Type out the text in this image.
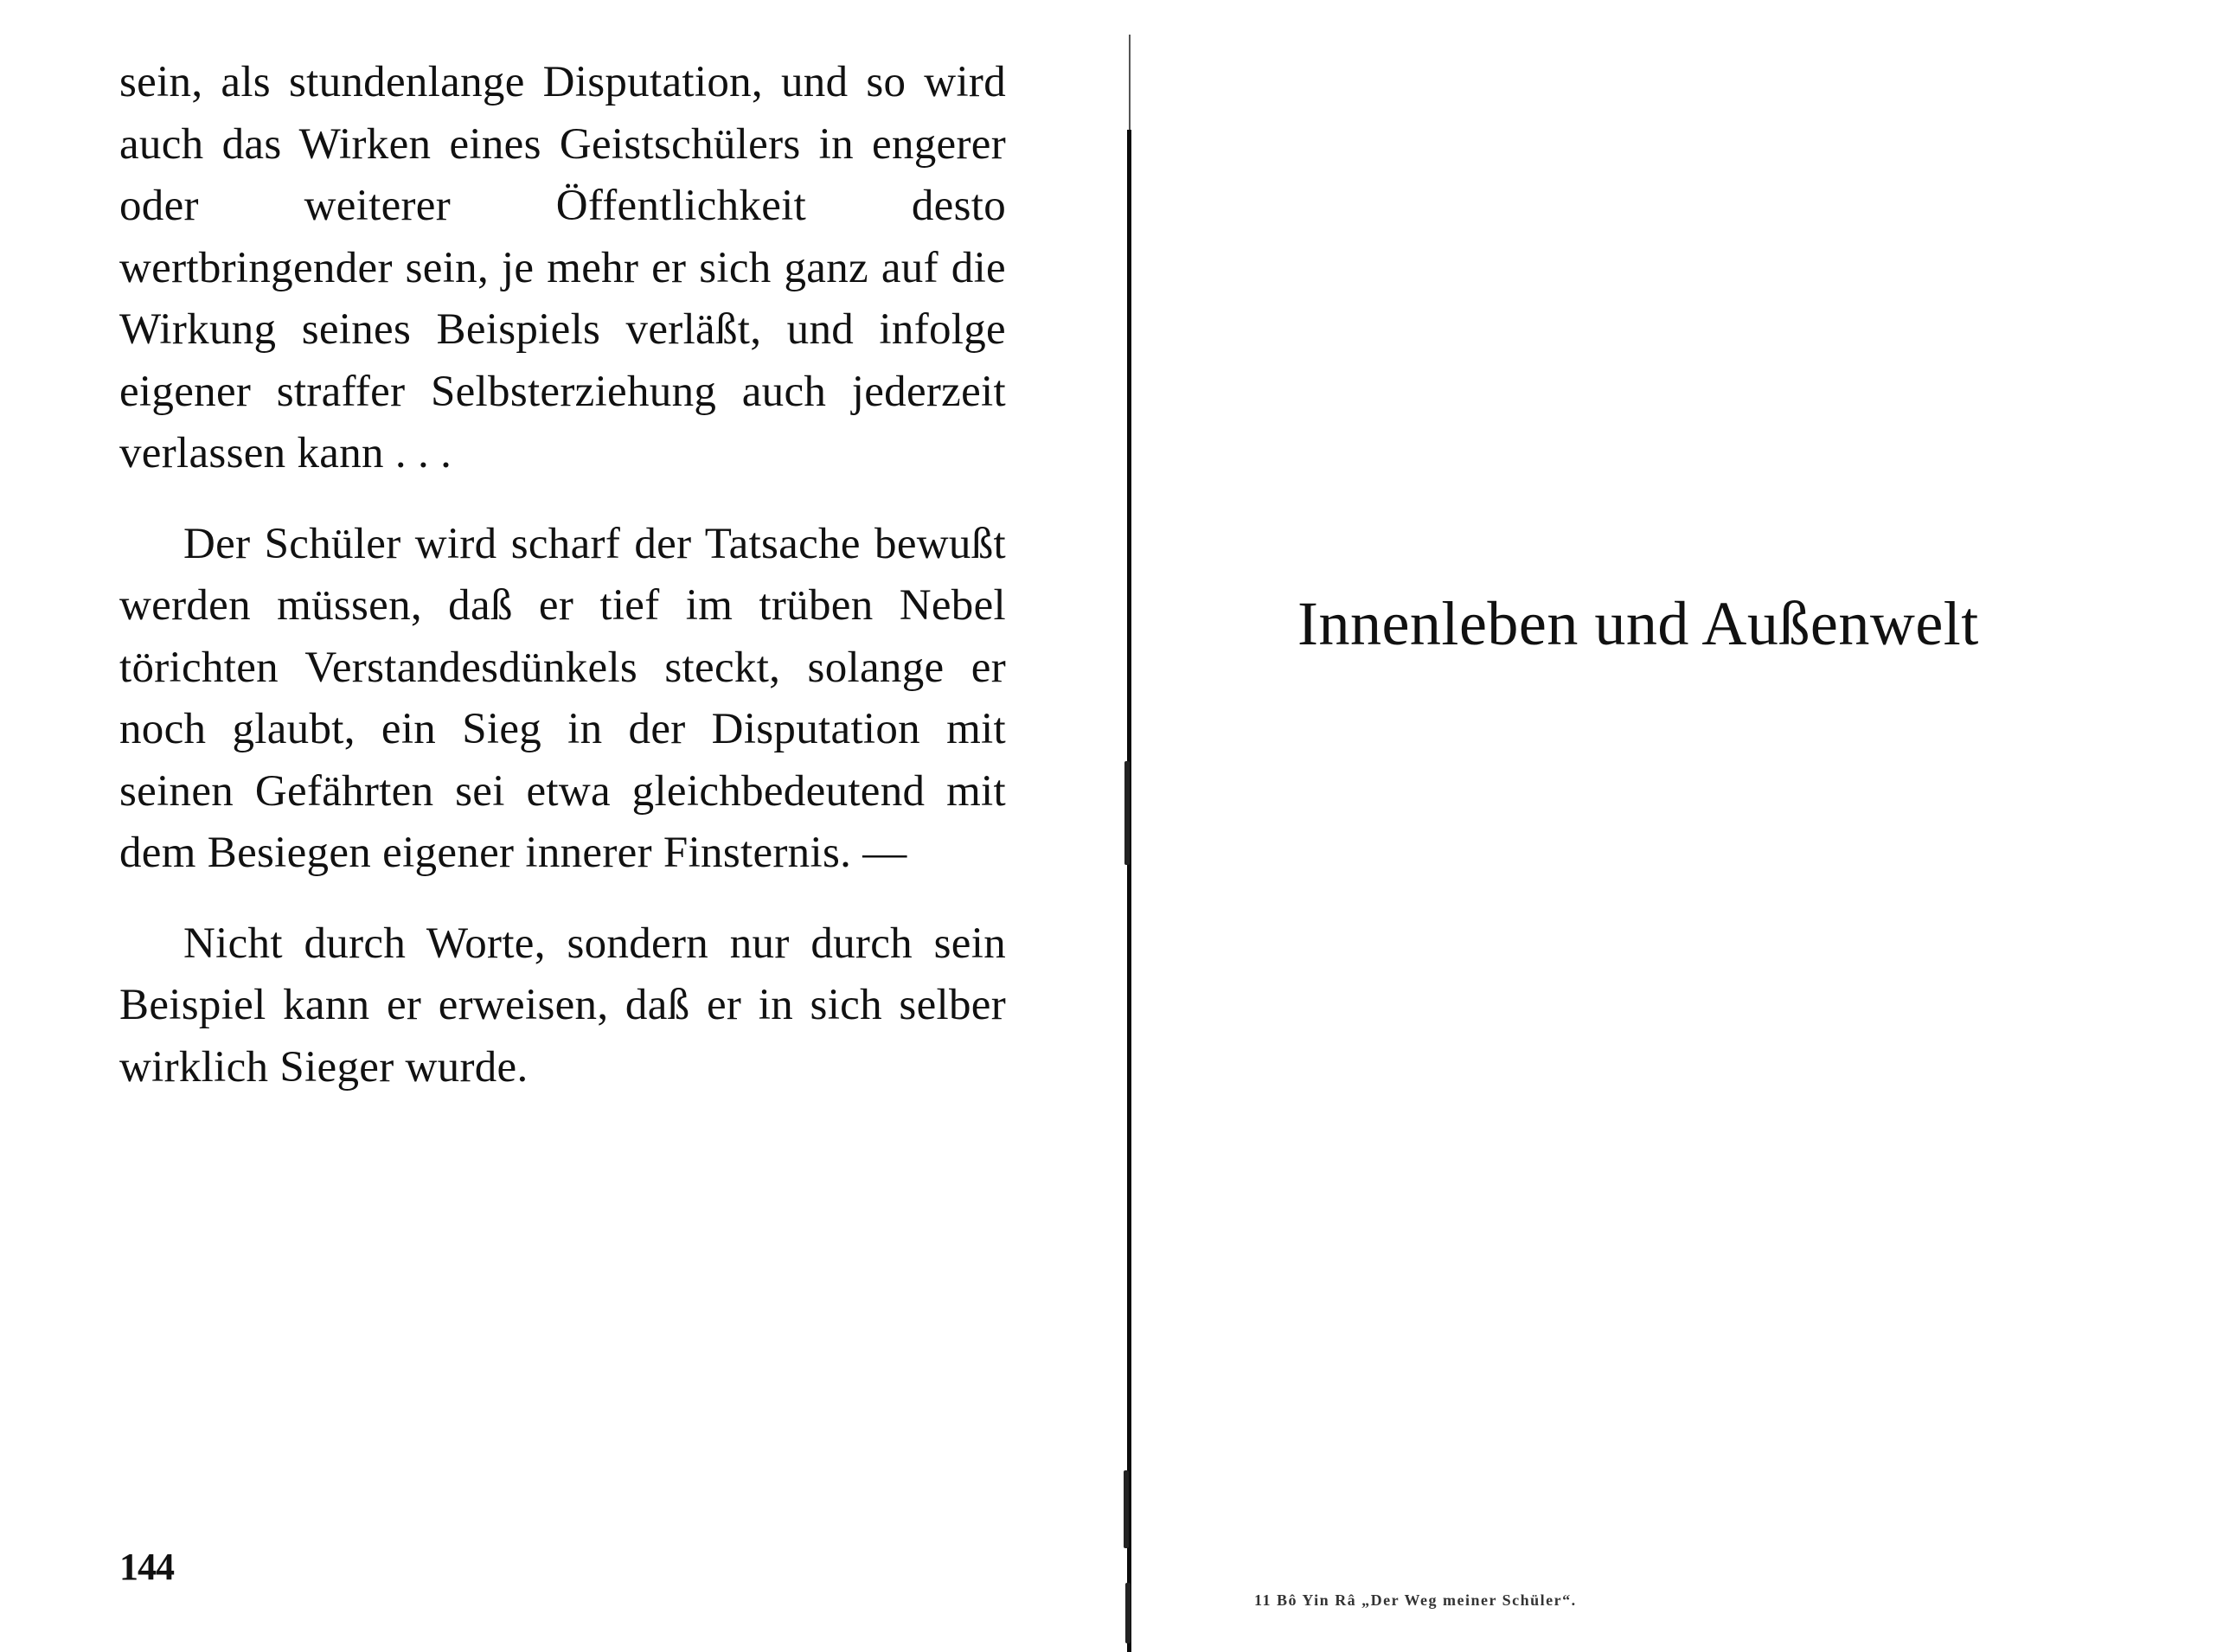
sein, als stundenlange Disputation, und so wird auch das Wirken eines Geistschülers in engerer oder weiterer Öffentlichkeit desto wertbringender sein, je mehr er sich ganz auf die Wirkung seines Beispiels verläßt, und infolge eigener straffer Selbsterziehung auch jederzeit verlassen kann . . .

Der Schüler wird scharf der Tatsache bewußt werden müssen, daß er tief im trüben Nebel törichten Verstandesdünkels steckt, solange er noch glaubt, ein Sieg in der Disputation mit seinen Gefährten sei etwa gleichbedeutend mit dem Besiegen eigener innerer Finsternis. —

Nicht durch Worte, sondern nur durch sein Beispiel kann er erweisen, daß er in sich selber wirklich Sieger wurde.

144
Innenleben und Außenwelt
11 Bô Yin Râ „Der Weg meiner Schüler“.
